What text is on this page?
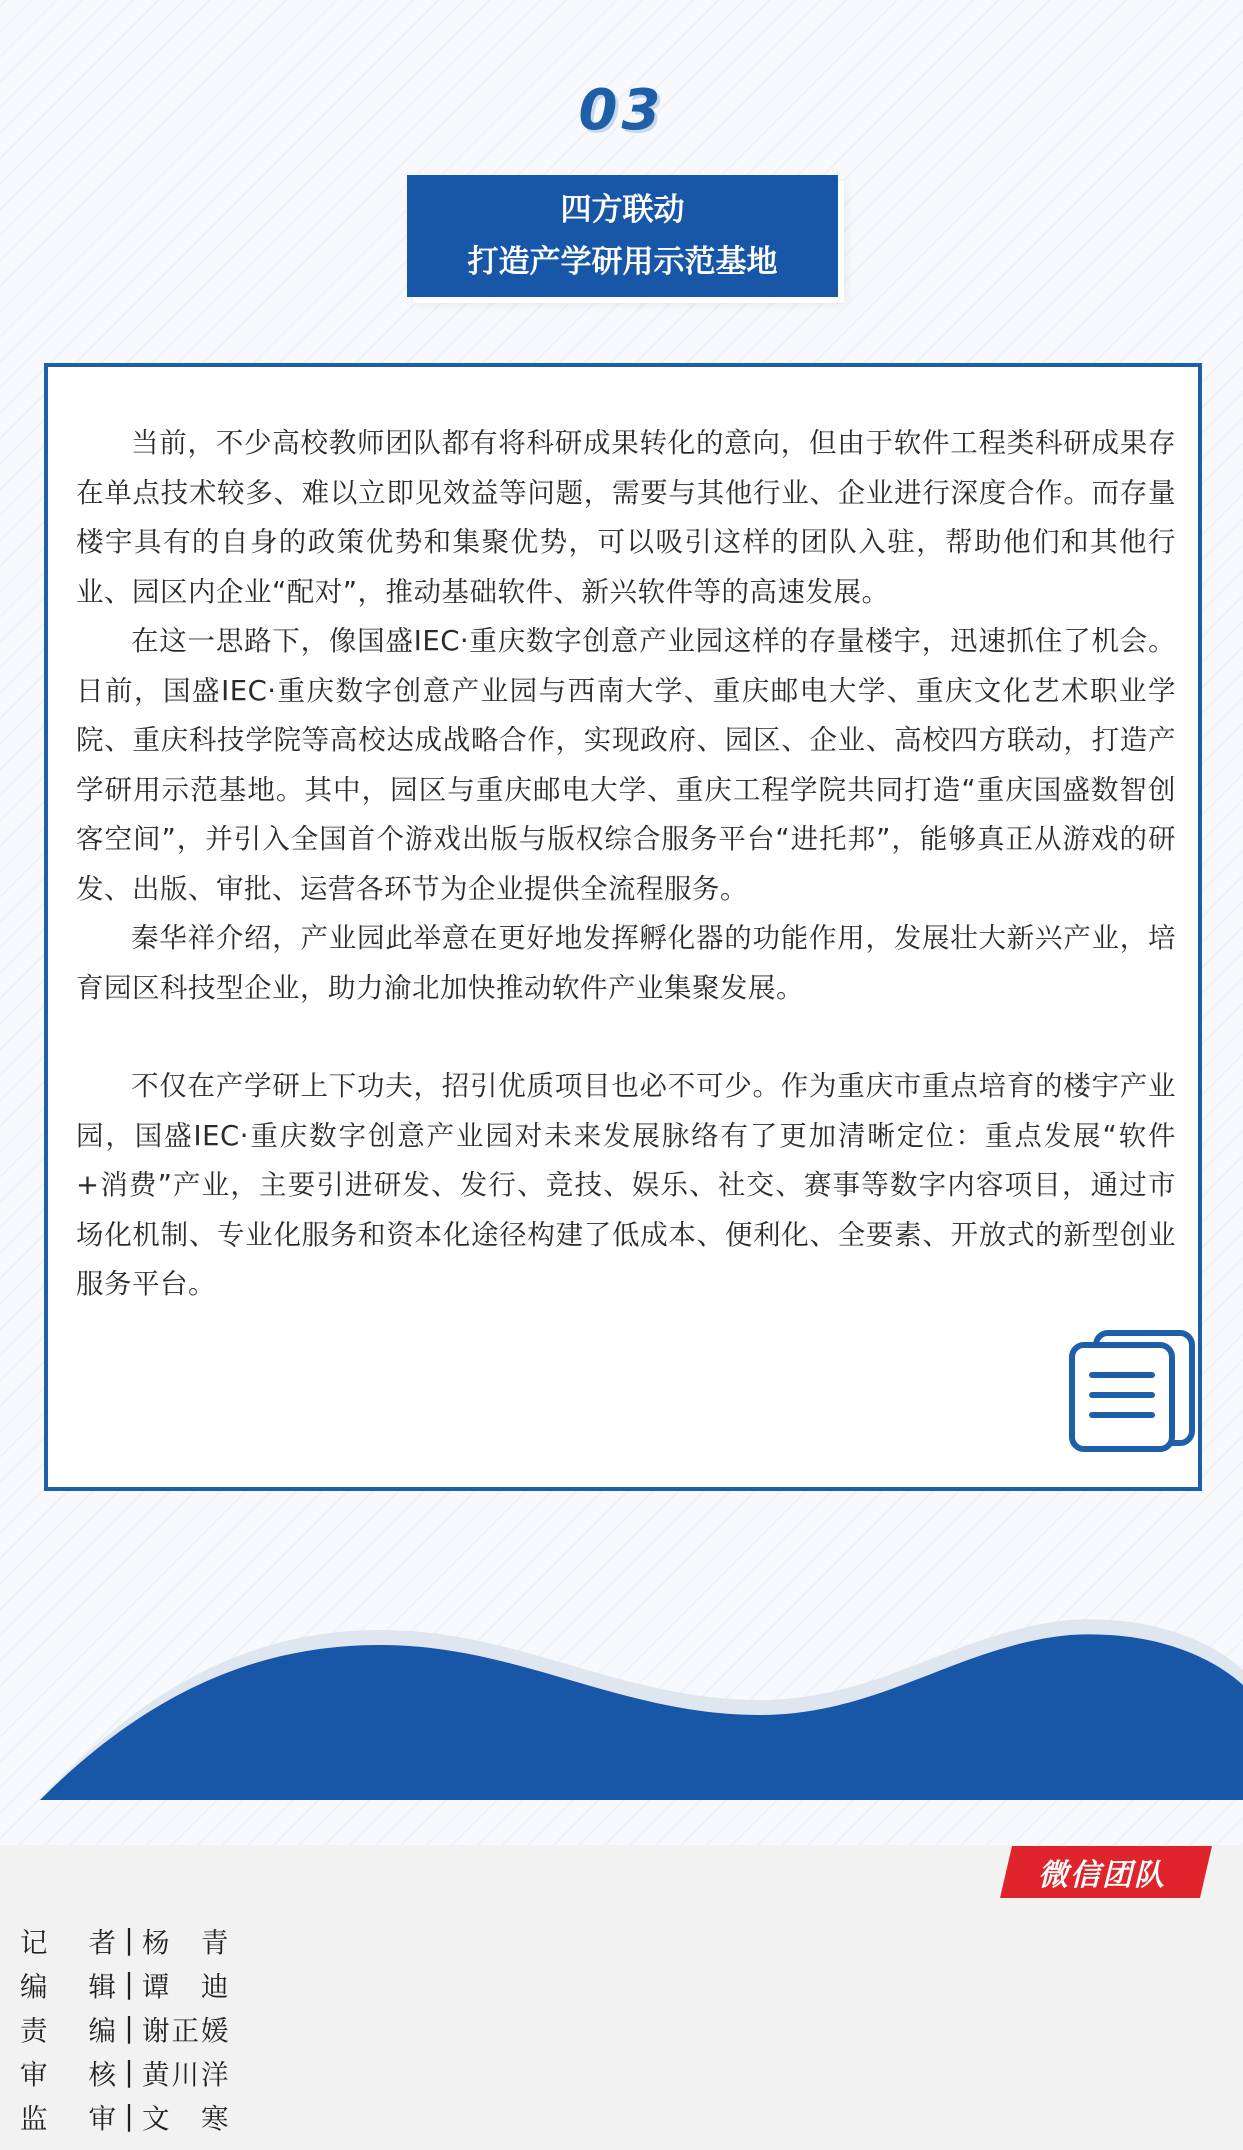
03
四方联动
打造产学研用示范基地

当前，不少高校教师团队都有将科研成果转化的意向，但由于软件工程类科研成果存在单点技术较多、难以立即见效益等问题，需要与其他行业、企业进行深度合作。而存量楼宇具有的自身的政策优势和集聚优势，可以吸引这样的团队入驻，帮助他们和其他行业、园区内企业“配对”，推动基础软件、新兴软件等的高速发展。

在这一思路下，像国盛IEC·重庆数字创意产业园这样的存量楼宇，迅速抓住了机会。日前，国盛IEC·重庆数字创意产业园与西南大学、重庆邮电大学、重庆文化艺术职业学院、重庆科技学院等高校达成战略合作，实现政府、园区、企业、高校四方联动，打造产学研用示范基地。其中，园区与重庆邮电大学、重庆工程学院共同打造“重庆国盛数智创客空间”，并引入全国首个游戏出版与版权综合服务平台“进托邦”，能够真正从游戏的研发、出版、审批、运营各环节为企业提供全流程服务。

秦华祥介绍，产业园此举意在更好地发挥孵化器的功能作用，发展壮大新兴产业，培育园区科技型企业，助力渝北加快推动软件产业集聚发展。

不仅在产学研上下功夫，招引优质项目也必不可少。作为重庆市重点培育的楼宇产业园，国盛IEC·重庆数字创意产业园对未来发展脉络有了更加清晰定位：重点发展“软件+消费”产业，主要引进研发、发行、竞技、娱乐、社交、赛事等数字内容项目，通过市场化机制、专业化服务和资本化途径构建了低成本、便利化、全要素、开放式的新型创业服务平台。

微信团队
记 者 | 杨　青
编 辑 | 谭　迪
责 编 | 谢正媛
审 核 | 黄川洋
监 审 | 文　寒
